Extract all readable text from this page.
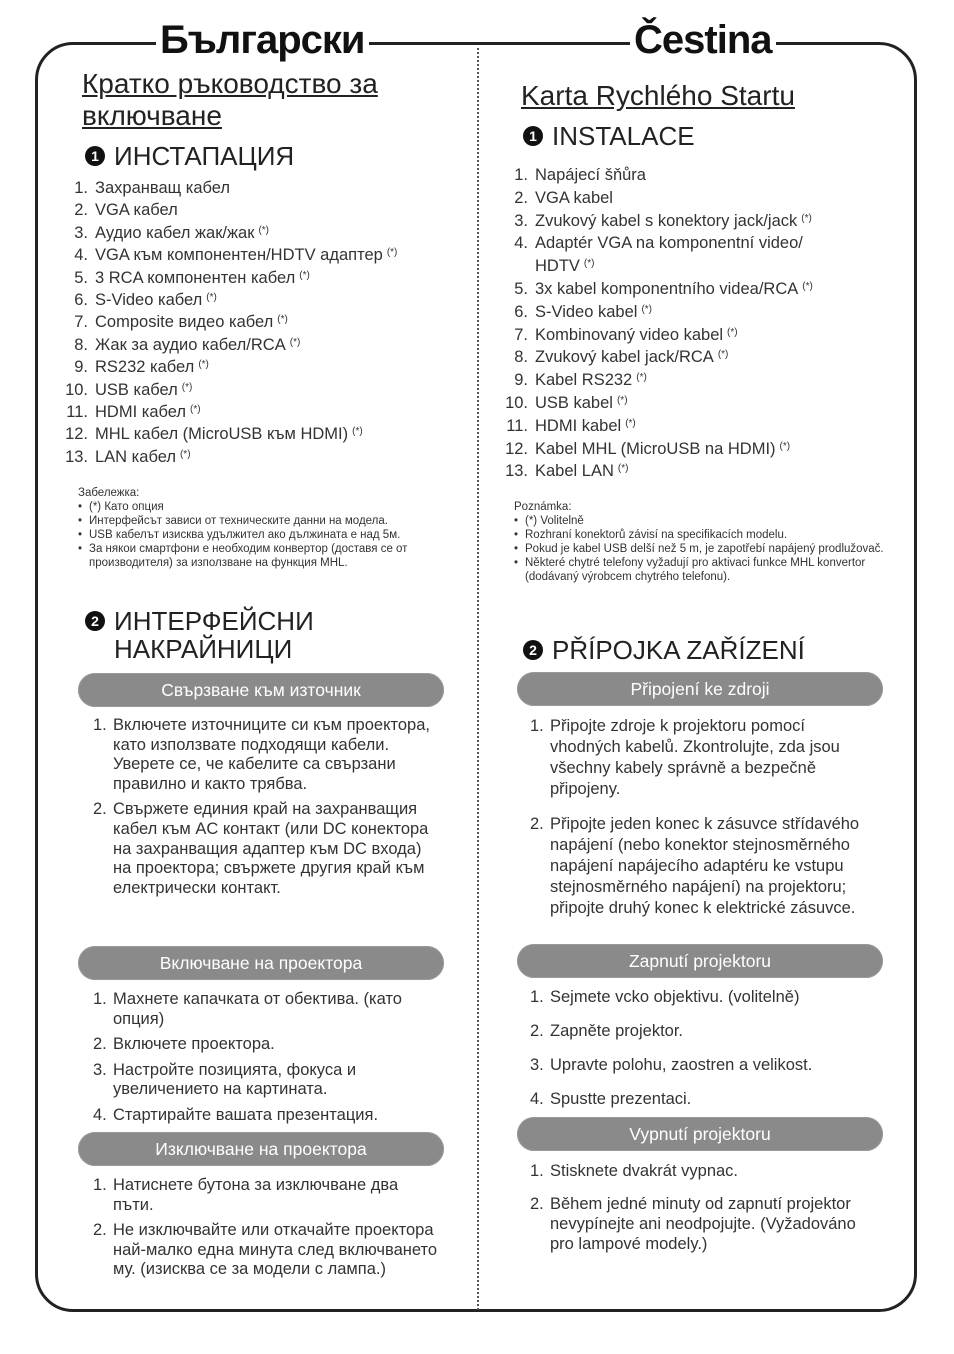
Български	Čestina
Кратко ръководство за
включване
1 ИНСТАПАЦИЯ
1. Захранващ кабел
2. VGA кабел
3. Аудио кабел жак/жак (*)
4. VGA към компонентен/HDTV адаптер (*)
5. 3 RCA компонентен кабел (*)
6. S-Video кабел (*)
7. Composite видео кабел (*)
8. Жак за аудио кабел/RCA (*)
9. RS232 кабел (*)
10. USB кабел (*)
11. HDMI кабел (*)
12. MHL кабел (MicroUSB към HDMI) (*)
13. LAN кабел (*)
Забележка:
• (*) Като опция
• Интерфейсът зависи от техническите данни на модела.
• USB кабелът изисква удължител ако дължината е над 5м.
• За някои смартфони е необходим конвертор (доставя се от производителя) за използване на функция MHL.
2 ИНТЕРФЕЙСНИ
НАКРАЙНИЦИ
Свързване към източник
1. Включете източниците си към проектора, като използвате подходящи кабели. Уверете се, че кабелите са свързани правилно и както трябва.
2. Свържете единия край на захранващия кабел към AC контакт (или DC конектора на захранващия адаптер към DC входа) на проектора; свържете другия край към електрически контакт.
Включване на проектора
1. Махнете капачката от обектива. (като опция)
2. Включете проектора.
3. Настройте позицията, фокуса и увеличението на картината.
4. Стартирайте вашата презентация.
Изключване на проектора
1. Натиснете бутона за изключване два пъти.
2. Не изключвайте или откачайте проектора най-малко една минута след включването му. (изисква се за модели с лампа.)
Karta Rychlého Startu
1 INSTALACE
1. Napájecí šňůra
2. VGA kabel
3. Zvukový kabel s konektory jack/jack (*)
4. Adaptér VGA na komponentní video/
HDTV (*)
5. 3x kabel komponentního videa/RCA (*)
6. S-Video kabel (*)
7. Kombinovaný video kabel (*)
8. Zvukový kabel jack/RCA (*)
9. Kabel RS232 (*)
10. USB kabel (*)
11. HDMI kabel (*)
12. Kabel MHL (MicroUSB na HDMI) (*)
13. Kabel LAN (*)
Poznámka:
• (*) Volitelně
• Rozhraní konektorů závisí na specifikacích modelu.
• Pokud je kabel USB delší než 5 m, je zapotřebí napájený prodlužovač.
• Některé chytré telefony vyžadují pro aktivaci funkce MHL konvertor (dodávaný výrobcem chytrého telefonu).
2 PŘÍPOJKA ZAŘÍZENÍ
Připojení ke zdroji
1. Připojte zdroje k projektoru pomocí vhodných kabelů. Zkontrolujte, zda jsou všechny kabely správně a bezpečně připojeny.
2. Připojte jeden konec k zásuvce střídavého napájení (nebo konektor stejnosměrného napájení napájecího adaptéru ke vstupu stejnosměrného napájení) na projektoru; připojte druhý konec k elektrické zásuvce.
Zapnutí projektoru
1. Sejmete vcko objektivu. (volitelně)
2. Zapněte projektor.
3. Upravte polohu, zaostren a velikost.
4. Spustte prezentaci.
Vypnutí projektoru
1. Stisknete dvakrát vypnac.
2. Během jedné minuty od zapnutí projektor nevypínejte ani neodpojujte. (Vyžadováno pro lampové modely.)
